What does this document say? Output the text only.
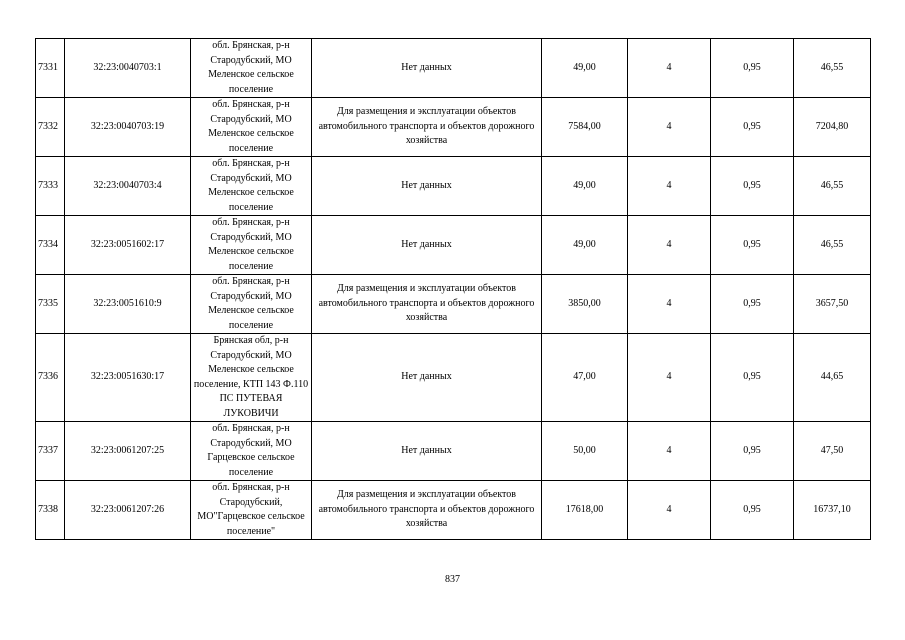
7331	32:23:0040703:1	обл. Брянская, р-н Стародубский, МО Меленское сельское поселение	Нет данных	49,00	4	0,95	46,55
7332	32:23:0040703:19	обл. Брянская, р-н Стародубский, МО Меленское сельское поселение	Для размещения и эксплуатации объектов автомобильного транспорта и объектов дорожного хозяйства	7584,00	4	0,95	7204,80
7333	32:23:0040703:4	обл. Брянская, р-н Стародубский, МО Меленское сельское поселение	Нет данных	49,00	4	0,95	46,55
7334	32:23:0051602:17	обл. Брянская, р-н Стародубский, МО Меленское сельское поселение	Нет данных	49,00	4	0,95	46,55
7335	32:23:0051610:9	обл. Брянская, р-н Стародубский, МО Меленское сельское поселение	Для размещения и эксплуатации объектов автомобильного транспорта и объектов дорожного хозяйства	3850,00	4	0,95	3657,50
7336	32:23:0051630:17	Брянская обл, р-н Стародубский, МО Меленское сельское поселение, КТП 143 Ф.110 ПС ПУТЕВАЯ ЛУКОВИЧИ	Нет данных	47,00	4	0,95	44,65
7337	32:23:0061207:25	обл. Брянская, р-н Стародубский, МО Гарцевское сельское поселение	Нет данных	50,00	4	0,95	47,50
7338	32:23:0061207:26	обл. Брянская, р-н Стародубский, МО"Гарцевское сельское поселение"	Для размещения и эксплуатации объектов автомобильного транспорта и объектов дорожного хозяйства	17618,00	4	0,95	16737,10
837
